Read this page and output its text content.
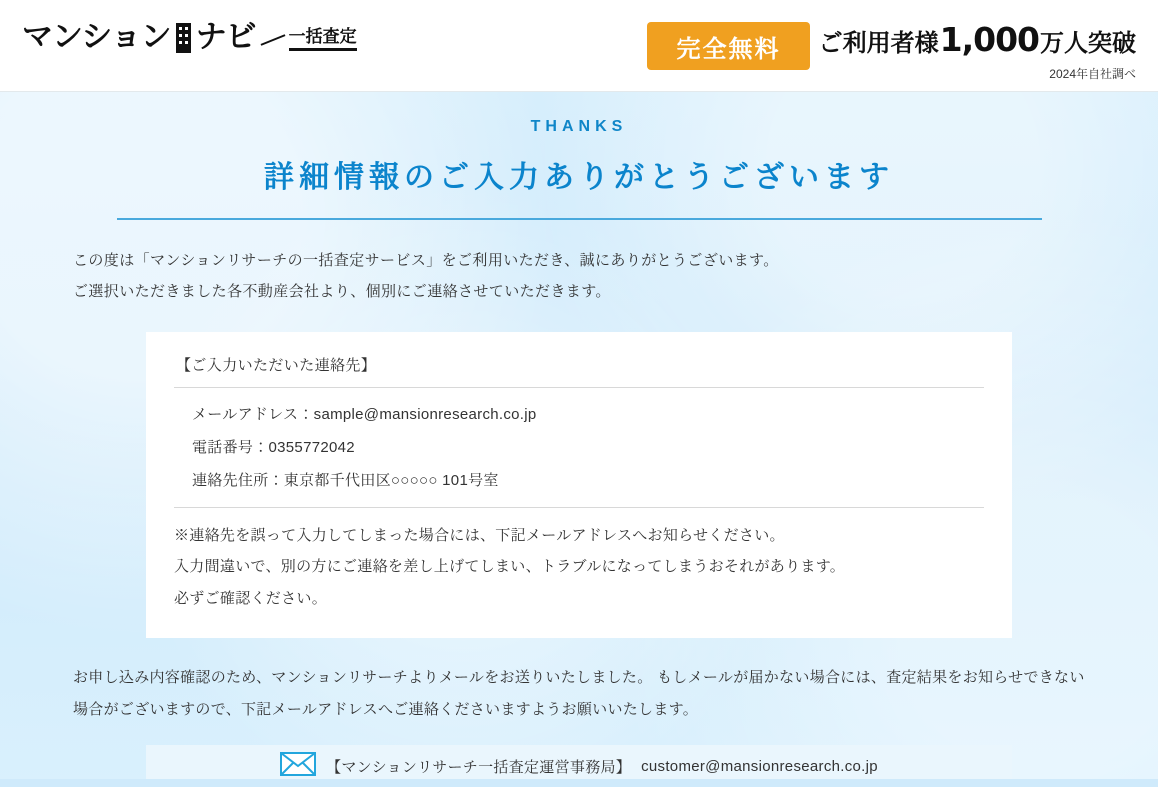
マンション ナビ 一括査定	完全無料	ご利用者様 1,000 万人突破
2024年自社調べ
THANKS
詳細情報のご入力ありがとうございます
この度は「マンションリサーチの一括査定サービス」をご利用いただき、誠にありがとうございます。
ご選択いただきました各不動産会社より、個別にご連絡させていただきます。
【ご入力いただいた連絡先】
メールアドレス：sample@mansionresearch.co.jp
電話番号：0355772042
連絡先住所：東京都千代田区○○○○○ 101号室

※連絡先を誤って入力してしまった場合には、下記メールアドレスへお知らせください。

入力間違いで、別の方にご連絡を差し上げてしまい、トラブルになってしまうおそれがあります。

必ずご確認ください。

お申し込み内容確認のため、マンションリサーチよりメールをお送りいたしました。 もしメールが届かない場合には、査定結果をお知らせできない場合がございますので、下記メールアドレスへご連絡くださいますようお願いいたします。
【マンションリサーチ一括査定運営事務局】 customer@mansionresearch.co.jp
